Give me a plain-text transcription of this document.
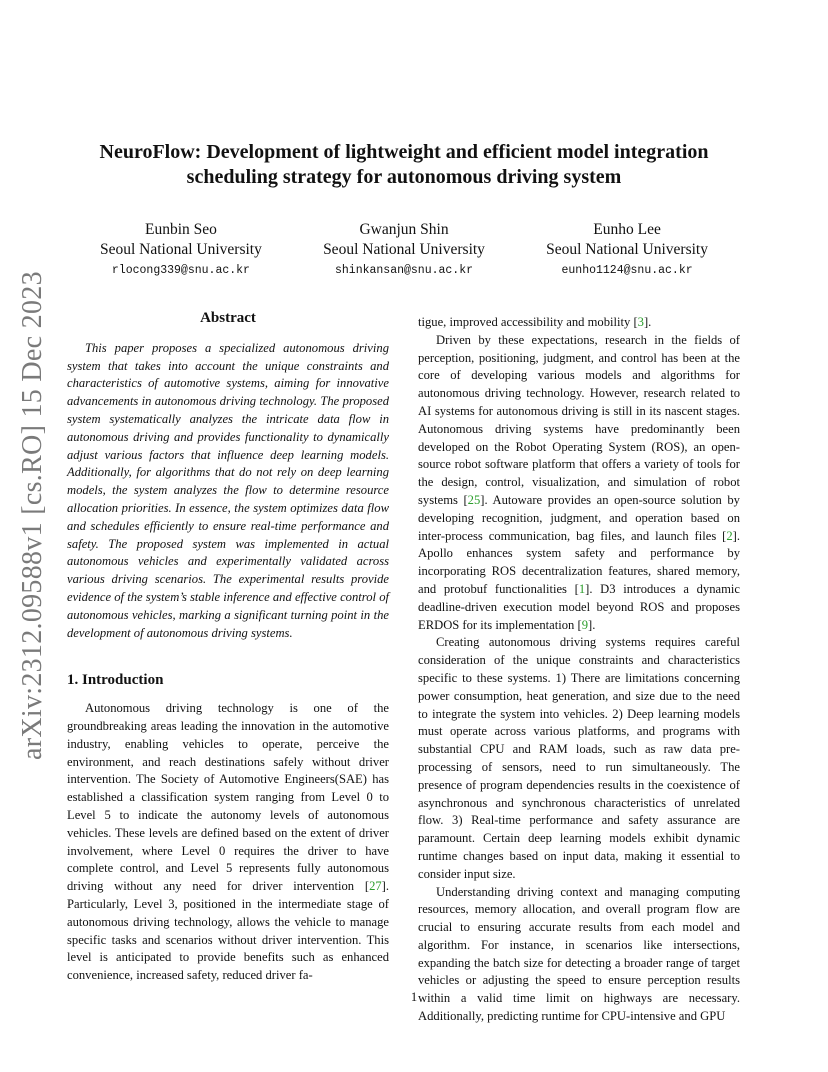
arXiv:2312.09588v1 [cs.RO] 15 Dec 2023
NeuroFlow: Development of lightweight and efficient model integration
scheduling strategy for autonomous driving system
Eunbin Seo
Seoul National University
rlocong339@snu.ac.kr
Gwanjun Shin
Seoul National University
shinkansan@snu.ac.kr
Eunho Lee
Seoul National University
eunho1124@snu.ac.kr
Abstract

This paper proposes a specialized autonomous driving system that takes into account the unique constraints and characteristics of automotive systems, aiming for innovative advancements in autonomous driving technology. The proposed system systematically analyzes the intricate data flow in autonomous driving and provides functionality to dynamically adjust various factors that influence deep learning models. Additionally, for algorithms that do not rely on deep learning models, the system analyzes the flow to determine resource allocation priorities. In essence, the system optimizes data flow and schedules efficiently to ensure real-time performance and safety. The proposed system was implemented in actual autonomous vehicles and experimentally validated across various driving scenarios. The experimental results provide evidence of the system’s stable inference and effective control of autonomous vehicles, marking a significant turning point in the development of autonomous driving systems.

1. Introduction

Autonomous driving technology is one of the groundbreaking areas leading the innovation in the automotive industry, enabling vehicles to operate, perceive the environment, and reach destinations safely without driver intervention. The Society of Automotive Engineers(SAE) has established a classification system ranging from Level 0 to Level 5 to indicate the autonomy levels of autonomous vehicles. These levels are defined based on the extent of driver involvement, where Level 0 requires the driver to have complete control, and Level 5 represents fully autonomous driving without any need for driver intervention [27]. Particularly, Level 3, positioned in the intermediate stage of autonomous driving technology, allows the vehicle to manage specific tasks and scenarios without driver intervention. This level is anticipated to provide benefits such as enhanced convenience, increased safety, reduced driver fa-

tigue, improved accessibility and mobility [3].

Driven by these expectations, research in the fields of perception, positioning, judgment, and control has been at the core of developing various models and algorithms for autonomous driving technology. However, research related to AI systems for autonomous driving is still in its nascent stages. Autonomous driving systems have predominantly been developed on the Robot Operating System (ROS), an open-source robot software platform that offers a variety of tools for the design, control, visualization, and simulation of robot systems [25]. Autoware provides an open-source solution by developing recognition, judgment, and operation based on inter-process communication, bag files, and launch files [2]. Apollo enhances system safety and performance by incorporating ROS decentralization features, shared memory, and protobuf functionalities [1]. D3 introduces a dynamic deadline-driven execution model beyond ROS and proposes ERDOS for its implementation [9].

Creating autonomous driving systems requires careful consideration of the unique constraints and characteristics specific to these systems. 1) There are limitations concerning power consumption, heat generation, and size due to the need to integrate the system into vehicles. 2) Deep learning models must operate across various platforms, and programs with substantial CPU and RAM loads, such as raw data pre-processing of sensors, need to run simultaneously. The presence of program dependencies results in the coexistence of asynchronous and synchronous characteristics of unrelated flow. 3) Real-time performance and safety assurance are paramount. Certain deep learning models exhibit dynamic runtime changes based on input data, making it essential to consider input size.

Understanding driving context and managing computing resources, memory allocation, and overall program flow are crucial to ensuring accurate results from each model and algorithm. For instance, in scenarios like intersections, expanding the batch size for detecting a broader range of target vehicles or adjusting the speed to ensure perception results within a valid time limit on highways are necessary. Additionally, predicting runtime for CPU-intensive and GPU

1
